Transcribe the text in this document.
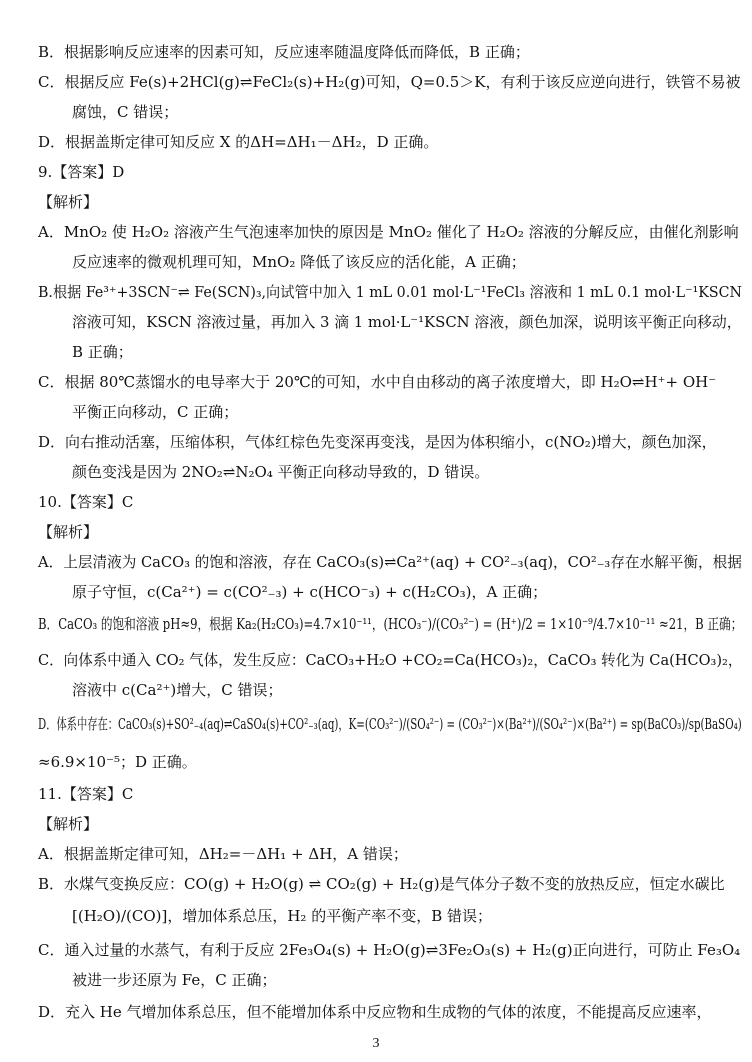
B．根据影响反应速率的因素可知，反应速率随温度降低而降低，B 正确；
C．根据反应 Fe(s)+2HCl(g)⇌FeCl₂(s)+H₂(g)可知，Q=0.5＞K，有利于该反应逆向进行，铁管不易被
腐蚀，C 错误；
D．根据盖斯定律可知反应 X 的ΔH=ΔH₁－ΔH₂，D 正确。
9.【答案】D
【解析】
A．MnO₂ 使 H₂O₂ 溶液产生气泡速率加快的原因是 MnO₂ 催化了 H₂O₂ 溶液的分解反应，由催化剂影响
反应速率的微观机理可知，MnO₂ 降低了该反应的活化能，A 正确；
B.根据 Fe³⁺+3SCN⁻⇌ Fe(SCN)₃,向试管中加入 1 mL 0.01 mol·L⁻¹FeCl₃ 溶液和 1 mL 0.1 mol·L⁻¹KSCN
溶液可知，KSCN 溶液过量，再加入 3 滴 1 mol·L⁻¹KSCN 溶液，颜色加深，说明该平衡正向移动，
B 正确；
C．根据 80℃蒸馏水的电导率大于 20℃的可知，水中自由移动的离子浓度增大，即 H₂O⇌H⁺+ OH⁻
平衡正向移动，C 正确；
D．向右推动活塞，压缩体积，气体红棕色先变深再变浅，是因为体积缩小，c(NO₂)增大，颜色加深，
颜色变浅是因为 2NO₂⇌N₂O₄ 平衡正向移动导致的，D 错误。
10.【答案】C
【解析】
A．上层清液为 CaCO₃ 的饱和溶液，存在 CaCO₃(s)⇌Ca²⁺(aq) + CO²₋₃(aq)，CO²₋₃存在水解平衡，根据
原子守恒，c(Ca²⁺) = c(CO²₋₃) + c(HCO⁻₃) + c(H₂CO₃)，A 正确；
B．CaCO₃ 的饱和溶液 pH≈9，根据 Ka₂(H₂CO₃)=4.7×10⁻¹¹，(HCO₃⁻)/(CO₃²⁻) = (H⁺)/2 = 1×10⁻⁹/4.7×10⁻¹¹ ≈21，B 正确；
C．向体系中通入 CO₂ 气体，发生反应：CaCO₃+H₂O +CO₂=Ca(HCO₃)₂，CaCO₃ 转化为 Ca(HCO₃)₂，
溶液中 c(Ca²⁺)增大，C 错误；
D．体系中存在：CaCO₃(s)+SO²₋₄(aq)⇌CaSO₄(s)+CO²₋₃(aq)，K=(CO₃²⁻)/(SO₄²⁻) = (CO₃²⁻)×(Ba²⁺)/(SO₄²⁻)×(Ba²⁺) = sp(BaCO₃)/sp(BaSO₄)
≈6.9×10⁻⁵；D 正确。
11.【答案】C
【解析】
A．根据盖斯定律可知，ΔH₂=－ΔH₁ + ΔH，A 错误；
B．水煤气变换反应：CO(g) + H₂O(g) ⇌ CO₂(g) + H₂(g)是气体分子数不变的放热反应，恒定水碳比
[(H₂O)/(CO)]，增加体系总压，H₂ 的平衡产率不变，B 错误；
C．通入过量的水蒸气，有利于反应 2Fe₃O₄(s) + H₂O(g)⇌3Fe₂O₃(s) + H₂(g)正向进行，可防止 Fe₃O₄
被进一步还原为 Fe，C 正确；
D．充入 He 气增加体系总压，但不能增加体系中反应物和生成物的气体的浓度，不能提高反应速率，
3
